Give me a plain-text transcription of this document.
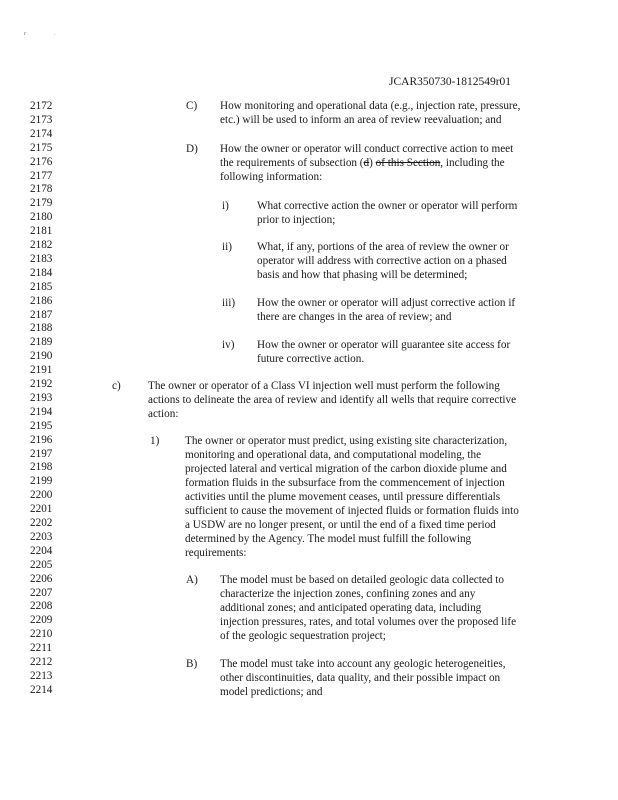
r	.
JCAR350730-1812549r01
2172
2173
2174
2175
2176
2177
2178
2179
2180
2181
2182
2183
2184
2185
2186
2187
2188
2189
2190
2191
2192
2193
2194
2195
2196
2197
2198
2199
2200
2201
2202
2203
2204
2205
2206
2207
2208
2209
2210
2211
2212
2213
2214
C) How monitoring and operational data (e.g., injection rate, pressure,
etc.) will be used to inform an area of review reevaluation; and
D) How the owner or operator will conduct corrective action to meet
the requirements of subsection (d) of this Section, including the
following information:
i)	What corrective action the owner or operator will perform
prior to injection;
ii) What, if any, portions of the area of review the owner or
operator will address with corrective action on a phased
basis and how that phasing will be determined;
iii) How the owner or operator will adjust corrective action if
there are changes in the area of review; and
iv) How the owner or operator will guarantee site access for
future corrective action.
c) The owner or operator of a Class VI injection well must perform the following
actions to delineate the area of review and identify all wells that require corrective
action:
1) The owner or operator must predict, using existing site characterization,
monitoring and operational data, and computational modeling, the
projected lateral and vertical migration of the carbon dioxide plume and
formation fluids in the subsurface from the commencement of injection
activities until the plume movement ceases, until pressure differentials
sufficient to cause the movement of injected fluids or formation fluids into
a USDW are no longer present, or until the end of a fixed time period
determined by the Agency. The model must fulfill the following
requirements:
A) The model must be based on detailed geologic data collected to
characterize the injection zones, confining zones and any
additional zones; and anticipated operating data, including
injection pressures, rates, and total volumes over the proposed life
of the geologic sequestration project;
B) The model must take into account any geologic heterogeneities,
other discontinuities, data quality, and their possible impact on
model predictions; and
